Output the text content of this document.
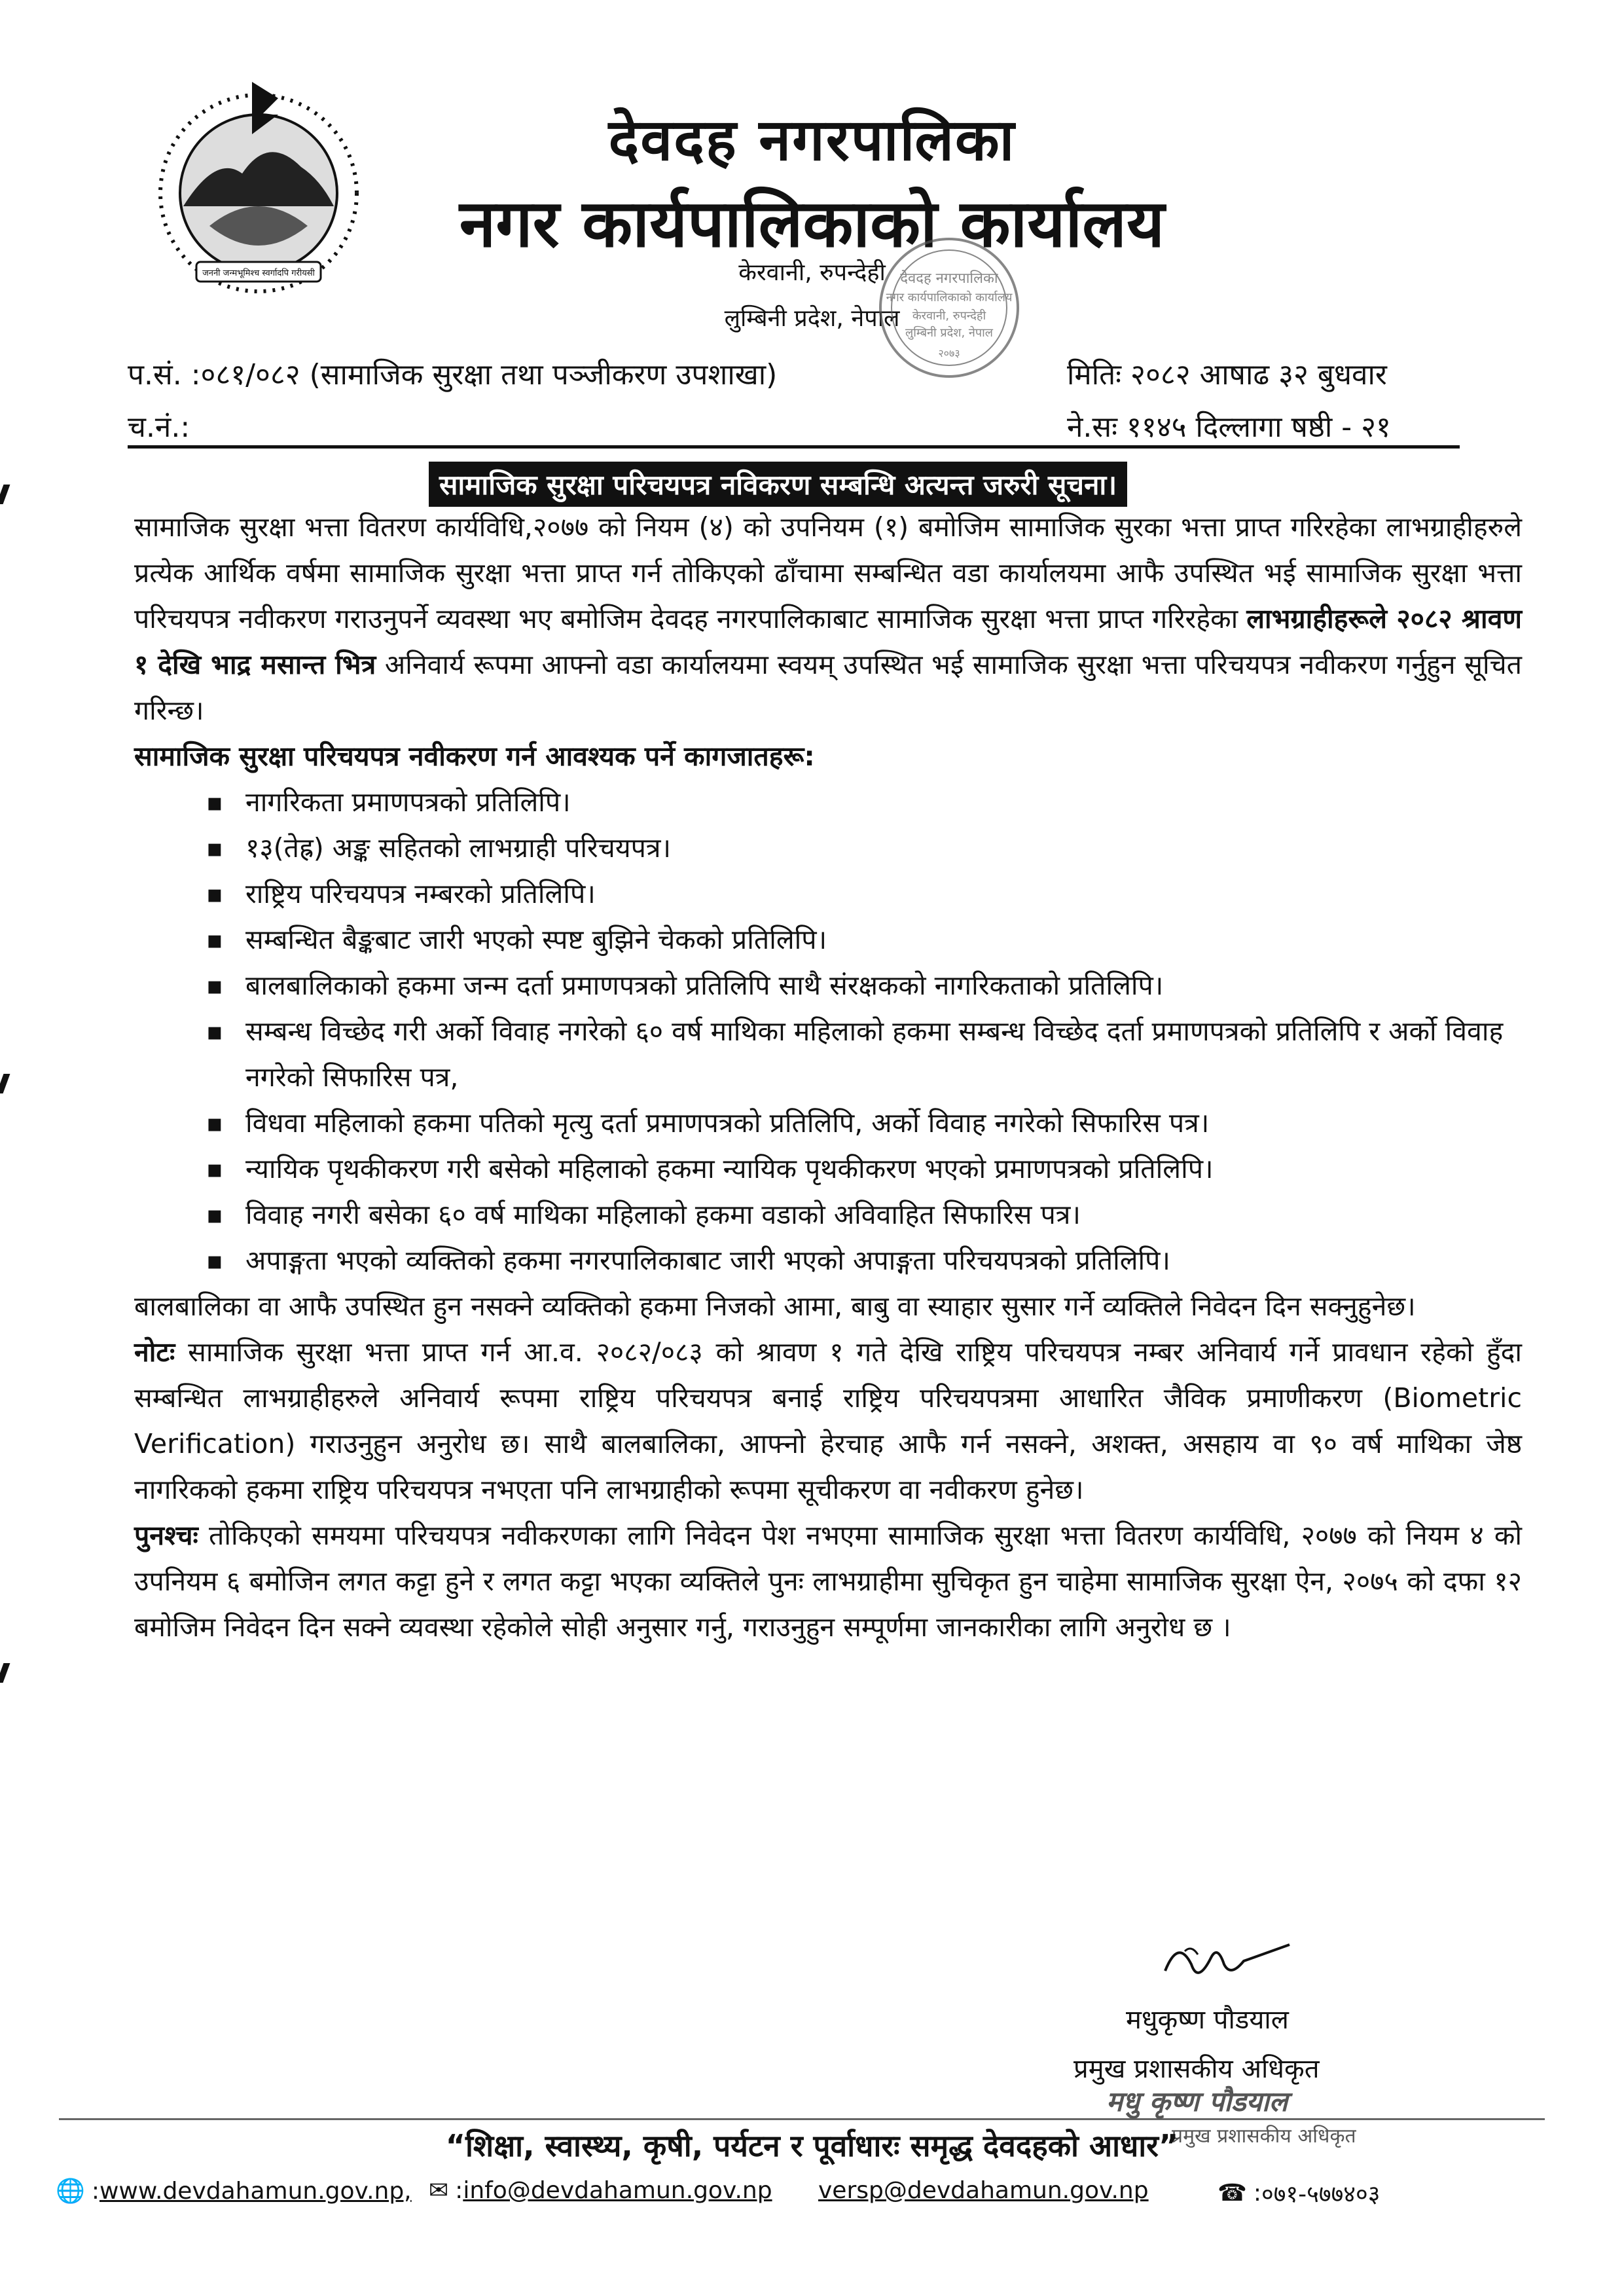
जननी जन्मभूमिश्च स्वर्गादपि गरीयसी
देवदह नगरपालिका
नगर कार्यपालिकाको कार्यालय
केरवानी, रुपन्देही
लुम्बिनी प्रदेश, नेपाल
देवदह नगरपालिका
नगर कार्यपालिकाको कार्यालय
केरवानी, रुपन्देही
लुम्बिनी प्रदेश, नेपाल
२०७३
प.सं. :०८१/०८२ (सामाजिक सुरक्षा तथा पञ्जीकरण उपशाखा)	मितिः २०८२ आषाढ ३२ बुधवार
च.नं.:	ने.सः ११४५ दिल्लागा षष्ठी - २१
सामाजिक सुरक्षा परिचयपत्र नविकरण सम्बन्धि अत्यन्त जरुरी सूचना।

सामाजिक सुरक्षा भत्ता वितरण कार्यविधि,२०७७ को नियम (४) को उपनियम (१) बमोजिम सामाजिक सुरका भत्ता प्राप्त गरिरहेका लाभग्राहीहरुले प्रत्येक आर्थिक वर्षमा सामाजिक सुरक्षा भत्ता प्राप्त गर्न तोकिएको ढाँचामा सम्बन्धित वडा कार्यालयमा आफै उपस्थित भई सामाजिक सुरक्षा भत्ता परिचयपत्र नवीकरण गराउनुपर्ने व्यवस्था भए बमोजिम देवदह नगरपालिकाबाट सामाजिक सुरक्षा भत्ता प्राप्त गरिरहेका लाभग्राहीहरूले २०८२ श्रावण १ देखि भाद्र मसान्त भित्र अनिवार्य रूपमा आफ्नो वडा कार्यालयमा स्वयम् उपस्थित भई सामाजिक सुरक्षा भत्ता परिचयपत्र नवीकरण गर्नुहुन सूचित गरिन्छ।

सामाजिक सुरक्षा परिचयपत्र नवीकरण गर्न आवश्यक पर्ने कागजातहरू:

▪ नागरिकता प्रमाणपत्रको प्रतिलिपि।
▪ १३(तेह्र) अङ्क सहितको लाभग्राही परिचयपत्र।
▪ राष्ट्रिय परिचयपत्र नम्बरको प्रतिलिपि।
▪ सम्बन्धित बैङ्कबाट जारी भएको स्पष्ट बुझिने चेकको प्रतिलिपि।
▪ बालबालिकाको हकमा जन्म दर्ता प्रमाणपत्रको प्रतिलिपि साथै संरक्षकको नागरिकताको प्रतिलिपि।
▪ सम्बन्ध विच्छेद गरी अर्को विवाह नगरेको ६० वर्ष माथिका महिलाको हकमा सम्बन्ध विच्छेद दर्ता प्रमाणपत्रको प्रतिलिपि र अर्को विवाह नगरेको सिफारिस पत्र,
▪ विधवा महिलाको हकमा पतिको मृत्यु दर्ता प्रमाणपत्रको प्रतिलिपि, अर्को विवाह नगरेको सिफारिस पत्र।
▪ न्यायिक पृथकीकरण गरी बसेको महिलाको हकमा न्यायिक पृथकीकरण भएको प्रमाणपत्रको प्रतिलिपि।
▪ विवाह नगरी बसेका ६० वर्ष माथिका महिलाको हकमा वडाको अविवाहित सिफारिस पत्र।
▪ अपाङ्गता भएको व्यक्तिको हकमा नगरपालिकाबाट जारी भएको अपाङ्गता परिचयपत्रको प्रतिलिपि।

बालबालिका वा आफै उपस्थित हुन नसक्ने व्यक्तिको हकमा निजको आमा, बाबु वा स्याहार सुसार गर्ने व्यक्तिले निवेदन दिन सक्नुहुनेछ।

नोटः सामाजिक सुरक्षा भत्ता प्राप्त गर्न आ.व. २०८२/०८३ को श्रावण १ गते देखि राष्ट्रिय परिचयपत्र नम्बर अनिवार्य गर्ने प्रावधान रहेको हुँदा सम्बन्धित लाभग्राहीहरुले अनिवार्य रूपमा राष्ट्रिय परिचयपत्र बनाई राष्ट्रिय परिचयपत्रमा आधारित जैविक प्रमाणीकरण (Biometric Verification) गराउनुहुन अनुरोध छ। साथै बालबालिका, आफ्नो हेरचाह आफै गर्न नसक्ने, अशक्त, असहाय वा ९० वर्ष माथिका जेष्ठ नागरिकको हकमा राष्ट्रिय परिचयपत्र नभएता पनि लाभग्राहीको रूपमा सूचीकरण वा नवीकरण हुनेछ।

पुनश्चः तोकिएको समयमा परिचयपत्र नवीकरणका लागि निवेदन पेश नभएमा सामाजिक सुरक्षा भत्ता वितरण कार्यविधि, २०७७ को नियम ४ को उपनियम ६ बमोजिन लगत कट्टा हुने र लगत कट्टा भएका व्यक्तिले पुनः लाभग्राहीमा सुचिकृत हुन चाहेमा सामाजिक सुरक्षा ऐन, २०७५ को दफा १२ बमोजिम निवेदन दिन सक्ने व्यवस्था रहेकोले सोही अनुसार गर्नु, गराउनुहुन सम्पूर्णमा जानकारीका लागि अनुरोध छ ।

मधुकृष्ण पौडयाल
प्रमुख प्रशासकीय अधिकृत
मधु कृष्ण पौडयाल
प्रमुख प्रशासकीय अधिकृत
“शिक्षा, स्वास्थ्य, कृषी, पर्यटन र पूर्वाधारः समृद्ध देवदहको आधार”
🌐 : www.devdahamun.gov.np, ✉ : info@devdahamun.gov.np versp@devdahamun.gov.np	☎ : ०७१-५७७४०३
